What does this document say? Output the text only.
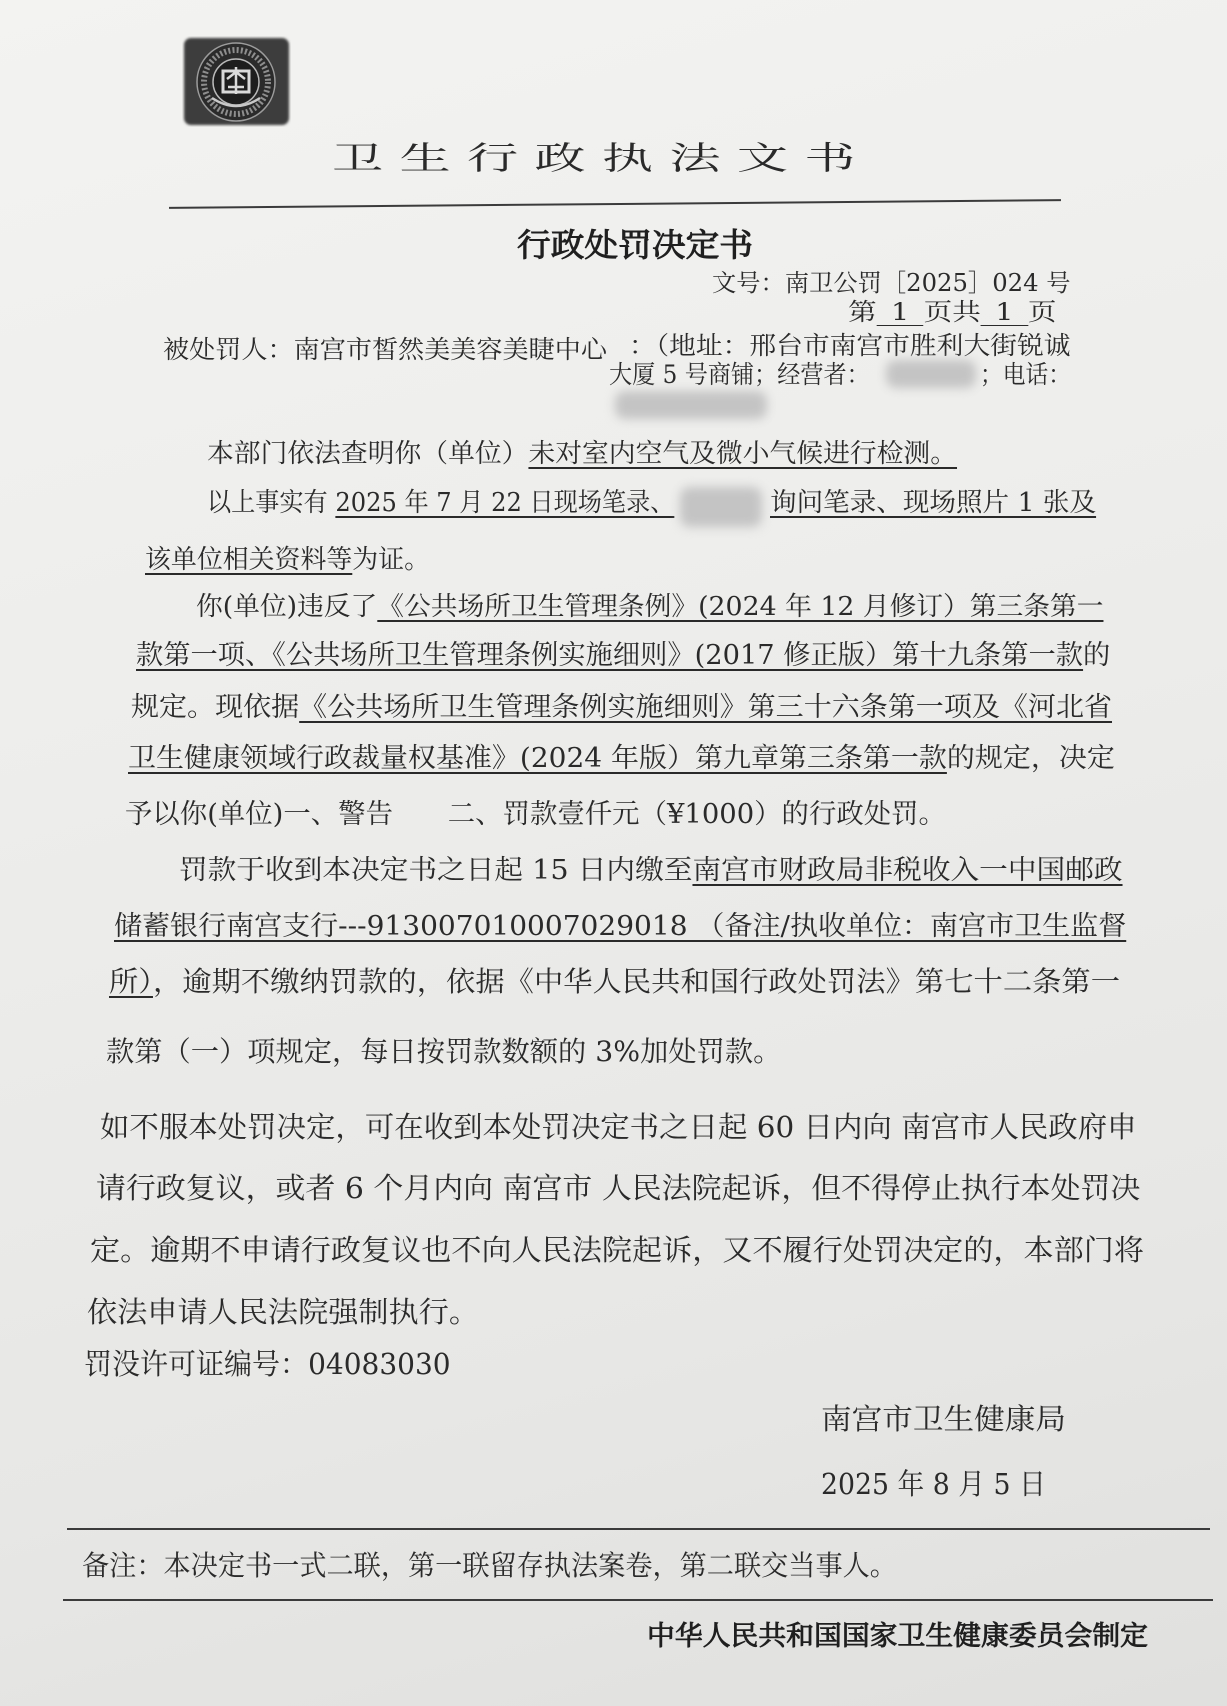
卫 生 行 政 执 法 文 书
行政处罚决定书
文号：南卫公罚［2025］024 号
第 1 页共 1 页
被处罚人：南宫市皙然美美容美睫中心 ：（地址：邢台市南宫市胜利大街锐诚
大厦 5 号商铺；经营者：	；电话：
本部门依法查明你（单位）未对室内空气及微小气候进行检测。
以上事实有 2025 年 7 月 22 日现场笔录、	询问笔录、现场照片 1 张及
该单位相关资料等为证。
你(单位)违反了《公共场所卫生管理条例》(2024 年 12 月修订）第三条第一
款第一项、《公共场所卫生管理条例实施细则》(2017 修正版）第十九条第一款的
规定。现依据《公共场所卫生管理条例实施细则》第三十六条第一项及《河北省
卫生健康领域行政裁量权基准》(2024 年版）第九章第三条第一款的规定，决定
予以你(单位)一、警告 二、罚款壹仟元（¥1000）的行政处罚。
罚款于收到本决定书之日起 15 日内缴至南宫市财政局非税收入一中国邮政
储蓄银行南宫支行---913007010007029018 （备注/执收单位：南宫市卫生监督
所），逾期不缴纳罚款的，依据《中华人民共和国行政处罚法》第七十二条第一
款第（一）项规定，每日按罚款数额的 3%加处罚款。
如不服本处罚决定，可在收到本处罚决定书之日起 60 日内向 南宫市人民政府申
请行政复议，或者 6 个月内向 南宫市 人民法院起诉，但不得停止执行本处罚决
定。逾期不申请行政复议也不向人民法院起诉，又不履行处罚决定的，本部门将
依法申请人民法院强制执行。
罚没许可证编号：04083030
南宫市卫生健康局
2025 年 8 月 5 日
备注：本决定书一式二联，第一联留存执法案卷，第二联交当事人。
中华人民共和国国家卫生健康委员会制定
